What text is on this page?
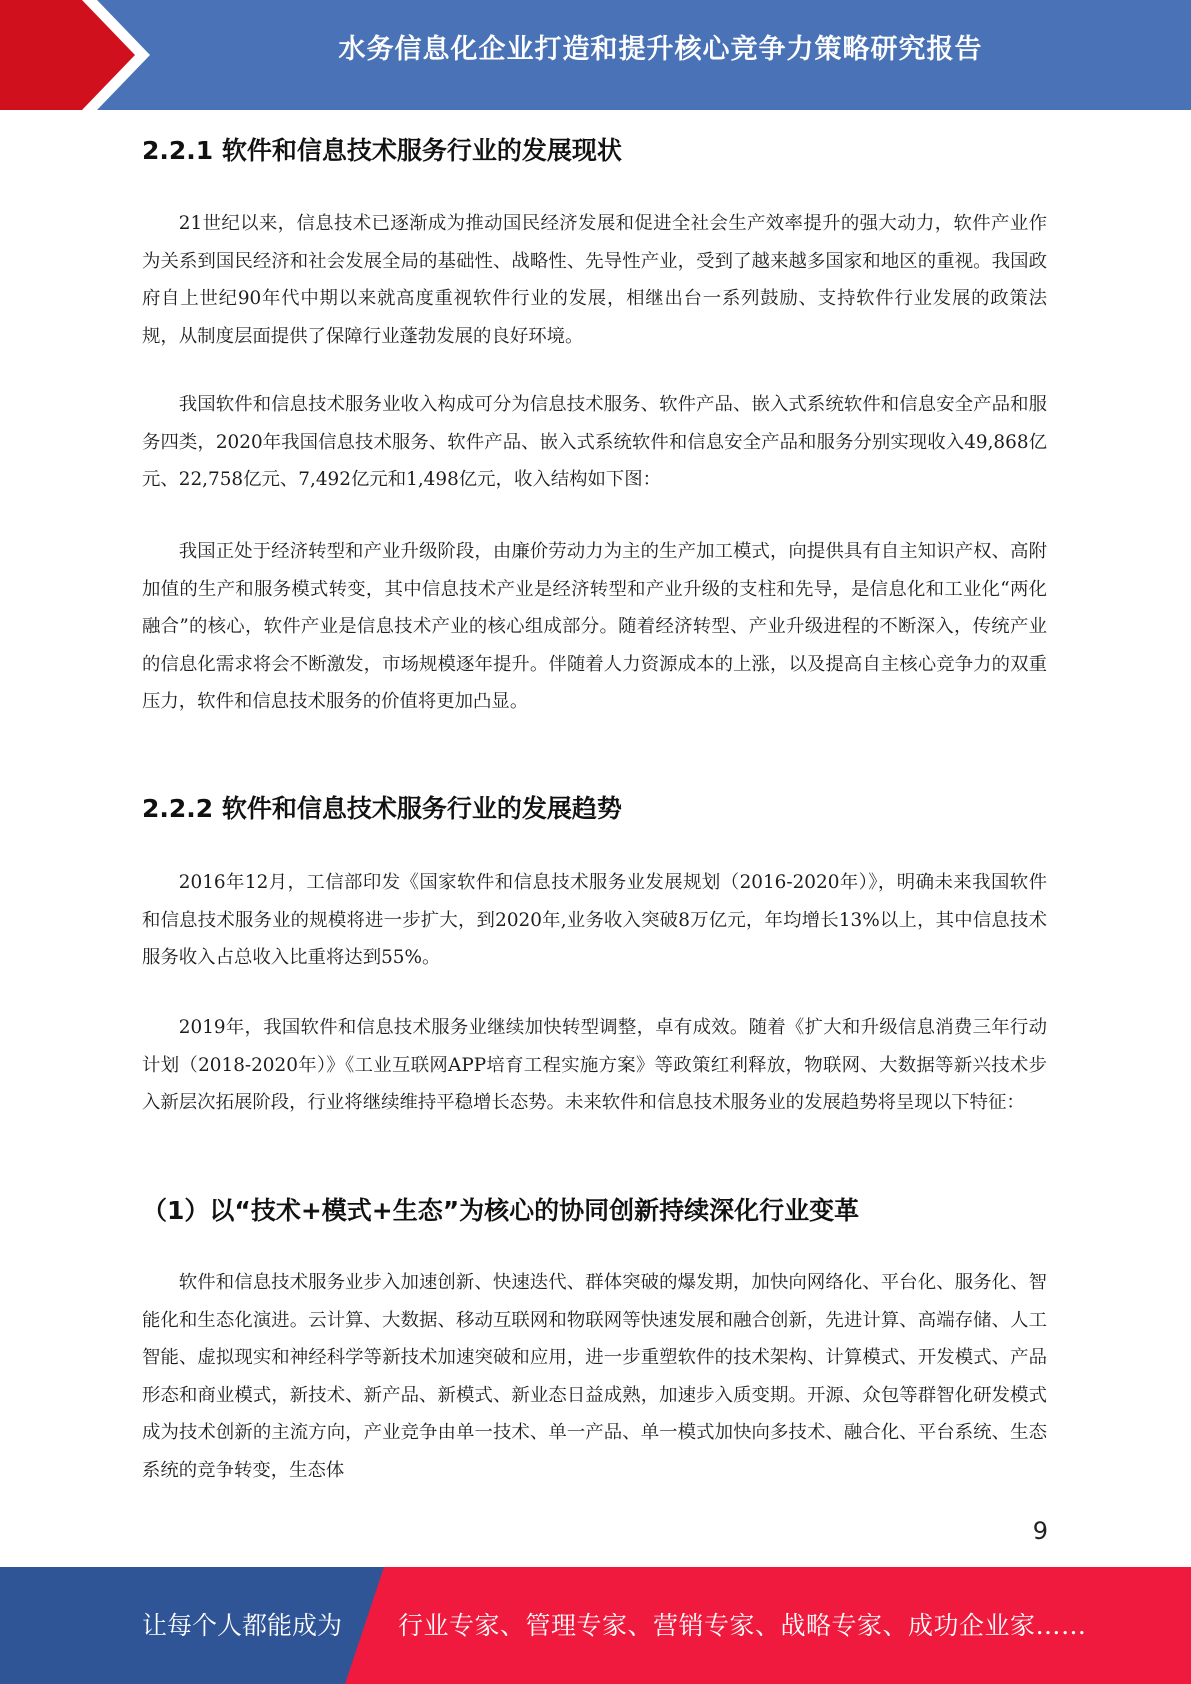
水务信息化企业打造和提升核心竞争力策略研究报告
2.2.1 软件和信息技术服务行业的发展现状

21世纪以来，信息技术已逐渐成为推动国民经济发展和促进全社会生产效率提升的强大动力，软件产业作为关系到国民经济和社会发展全局的基础性、战略性、先导性产业，受到了越来越多国家和地区的重视。我国政府自上世纪90年代中期以来就高度重视软件行业的发展，相继出台一系列鼓励、支持软件行业发展的政策法规，从制度层面提供了保障行业蓬勃发展的良好环境。

我国软件和信息技术服务业收入构成可分为信息技术服务、软件产品、嵌入式系统软件和信息安全产品和服务四类，2020年我国信息技术服务、软件产品、嵌入式系统软件和信息安全产品和服务分别实现收入49,868亿元、22,758亿元、7,492亿元和1,498亿元，收入结构如下图：

我国正处于经济转型和产业升级阶段，由廉价劳动力为主的生产加工模式，向提供具有自主知识产权、高附加值的生产和服务模式转变，其中信息技术产业是经济转型和产业升级的支柱和先导，是信息化和工业化“两化融合”的核心，软件产业是信息技术产业的核心组成部分。随着经济转型、产业升级进程的不断深入，传统产业的信息化需求将会不断激发，市场规模逐年提升。伴随着人力资源成本的上涨，以及提高自主核心竞争力的双重压力，软件和信息技术服务的价值将更加凸显。

2.2.2 软件和信息技术服务行业的发展趋势

2016年12月，工信部印发《国家软件和信息技术服务业发展规划（2016-2020年）》，明确未来我国软件和信息技术服务业的规模将进一步扩大，到2020年,业务收入突破8万亿元，年均增长13%以上，其中信息技术服务收入占总收入比重将达到55%。

2019年，我国软件和信息技术服务业继续加快转型调整，卓有成效。随着《扩大和升级信息消费三年行动计划（2018-2020年）》《工业互联网APP培育工程实施方案》等政策红利释放，物联网、大数据等新兴技术步入新层次拓展阶段，行业将继续维持平稳增长态势。未来软件和信息技术服务业的发展趋势将呈现以下特征：

（1）以“技术+模式+生态”为核心的协同创新持续深化行业变革

软件和信息技术服务业步入加速创新、快速迭代、群体突破的爆发期，加快向网络化、平台化、服务化、智能化和生态化演进。云计算、大数据、移动互联网和物联网等快速发展和融合创新，先进计算、高端存储、人工智能、虚拟现实和神经科学等新技术加速突破和应用，进一步重塑软件的技术架构、计算模式、开发模式、产品形态和商业模式，新技术、新产品、新模式、新业态日益成熟，加速步入质变期。开源、众包等群智化研发模式成为技术创新的主流方向，产业竞争由单一技术、单一产品、单一模式加快向多技术、融合化、平台系统、生态系统的竞争转变，生态体

9
让每个人都能成为 行业专家、管理专家、营销专家、战略专家、成功企业家……
